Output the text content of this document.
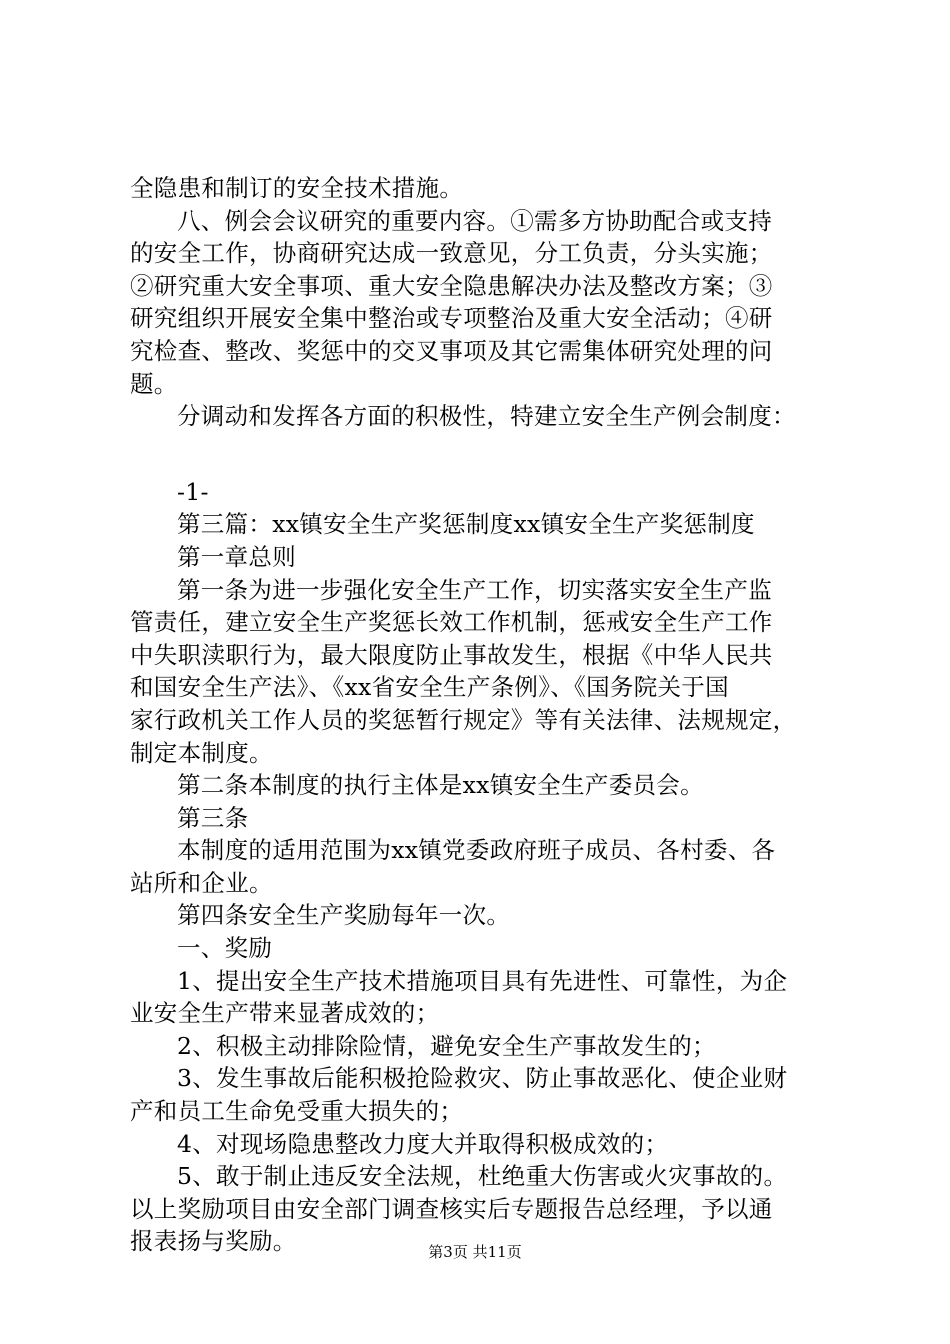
全隐患和制订的安全技术措施。
八、例会会议研究的重要内容。①需多方协助配合或支持
的安全工作，协商研究达成一致意见，分工负责，分头实施；
②研究重大安全事项、重大安全隐患解决办法及整改方案；③
研究组织开展安全集中整治或专项整治及重大安全活动；④研
究检查、整改、奖惩中的交叉事项及其它需集体研究处理的问
题。
分调动和发挥各方面的积极性，特建立安全生产例会制度：
-1-
第三篇：xx镇安全生产奖惩制度xx镇安全生产奖惩制度
第一章总则
第一条为进一步强化安全生产工作，切实落实安全生产监
管责任，建立安全生产奖惩长效工作机制，惩戒安全生产工作
中失职渎职行为，最大限度防止事故发生，根据《中华人民共
和国安全生产法》、《xx省安全生产条例》、《国务院关于国
家行政机关工作人员的奖惩暂行规定》等有关法律、法规规定，
制定本制度。
第二条本制度的执行主体是xx镇安全生产委员会。
第三条
本制度的适用范围为xx镇党委政府班子成员、各村委、各
站所和企业。
第四条安全生产奖励每年一次。
一、奖励
1、提出安全生产技术措施项目具有先进性、可靠性，为企
业安全生产带来显著成效的；
2、积极主动排除险情，避免安全生产事故发生的；
3、发生事故后能积极抢险救灾、防止事故恶化、使企业财
产和员工生命免受重大损失的；
4、对现场隐患整改力度大并取得积极成效的；
5、敢于制止违反安全法规，杜绝重大伤害或火灾事故的。
以上奖励项目由安全部门调查核实后专题报告总经理，予以通
报表扬与奖励。	第3页 共11页
